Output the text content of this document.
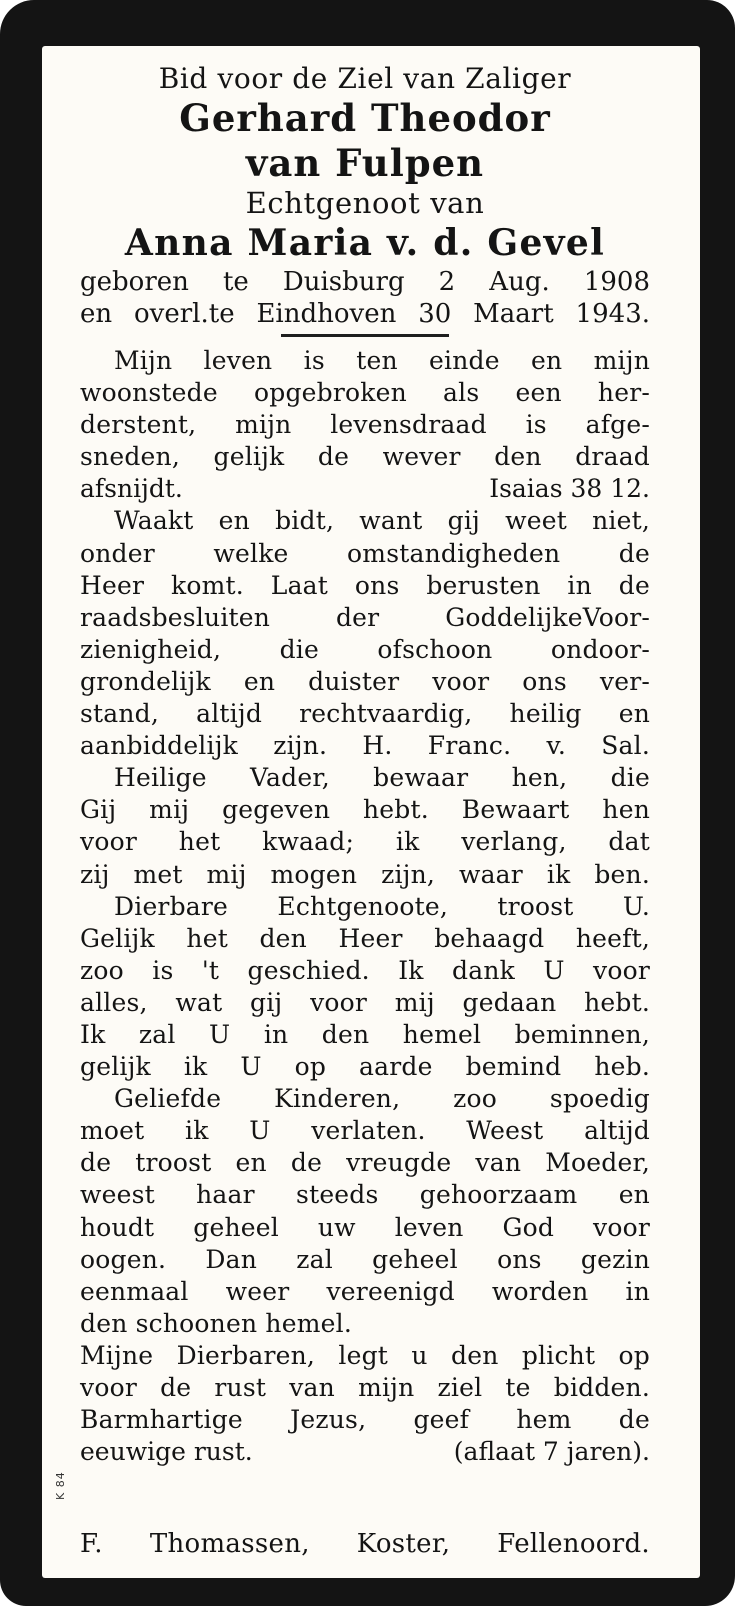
Bid voor de Ziel van Zaliger
Gerhard Theodor
van Fulpen
Echtgenoot van
Anna Maria v. d. Gevel
geboren te Duisburg 2 Aug. 1908
en overl.te Eindhoven 30 Maart 1943.
Mijn leven is ten einde en mijn
woonstede opgebroken als een her-
derstent, mijn levensdraad is afge-
sneden, gelijk de wever den draad
afsnijdt.	Isaias 38 12.
Waakt en bidt, want gij weet niet,
onder welke omstandigheden de
Heer komt. Laat ons berusten in de
raadsbesluiten der GoddelijkeVoor-
zienigheid, die ofschoon ondoor-
grondelijk en duister voor ons ver-
stand, altijd rechtvaardig, heilig en
aanbiddelijk zijn. H. Franc. v. Sal.
Heilige Vader, bewaar hen, die
Gij mij gegeven hebt. Bewaart hen
voor het kwaad; ik verlang, dat
zij met mij mogen zijn, waar ik ben.
Dierbare Echtgenoote, troost U.
Gelijk het den Heer behaagd heeft,
zoo is 't geschied. Ik dank U voor
alles, wat gij voor mij gedaan hebt.
Ik zal U in den hemel beminnen,
gelijk ik U op aarde bemind heb.
Geliefde Kinderen, zoo spoedig
moet ik U verlaten. Weest altijd
de troost en de vreugde van Moeder,
weest haar steeds gehoorzaam en
houdt geheel uw leven God voor
oogen. Dan zal geheel ons gezin
eenmaal weer vereenigd worden in
den schoonen hemel.
Mijne Dierbaren, legt u den plicht op
voor de rust van mijn ziel te bidden.
Barmhartige Jezus, geef hem de
eeuwige rust.	(aflaat 7 jaren).
K 84
F. Thomassen, Koster, Fellenoord.
